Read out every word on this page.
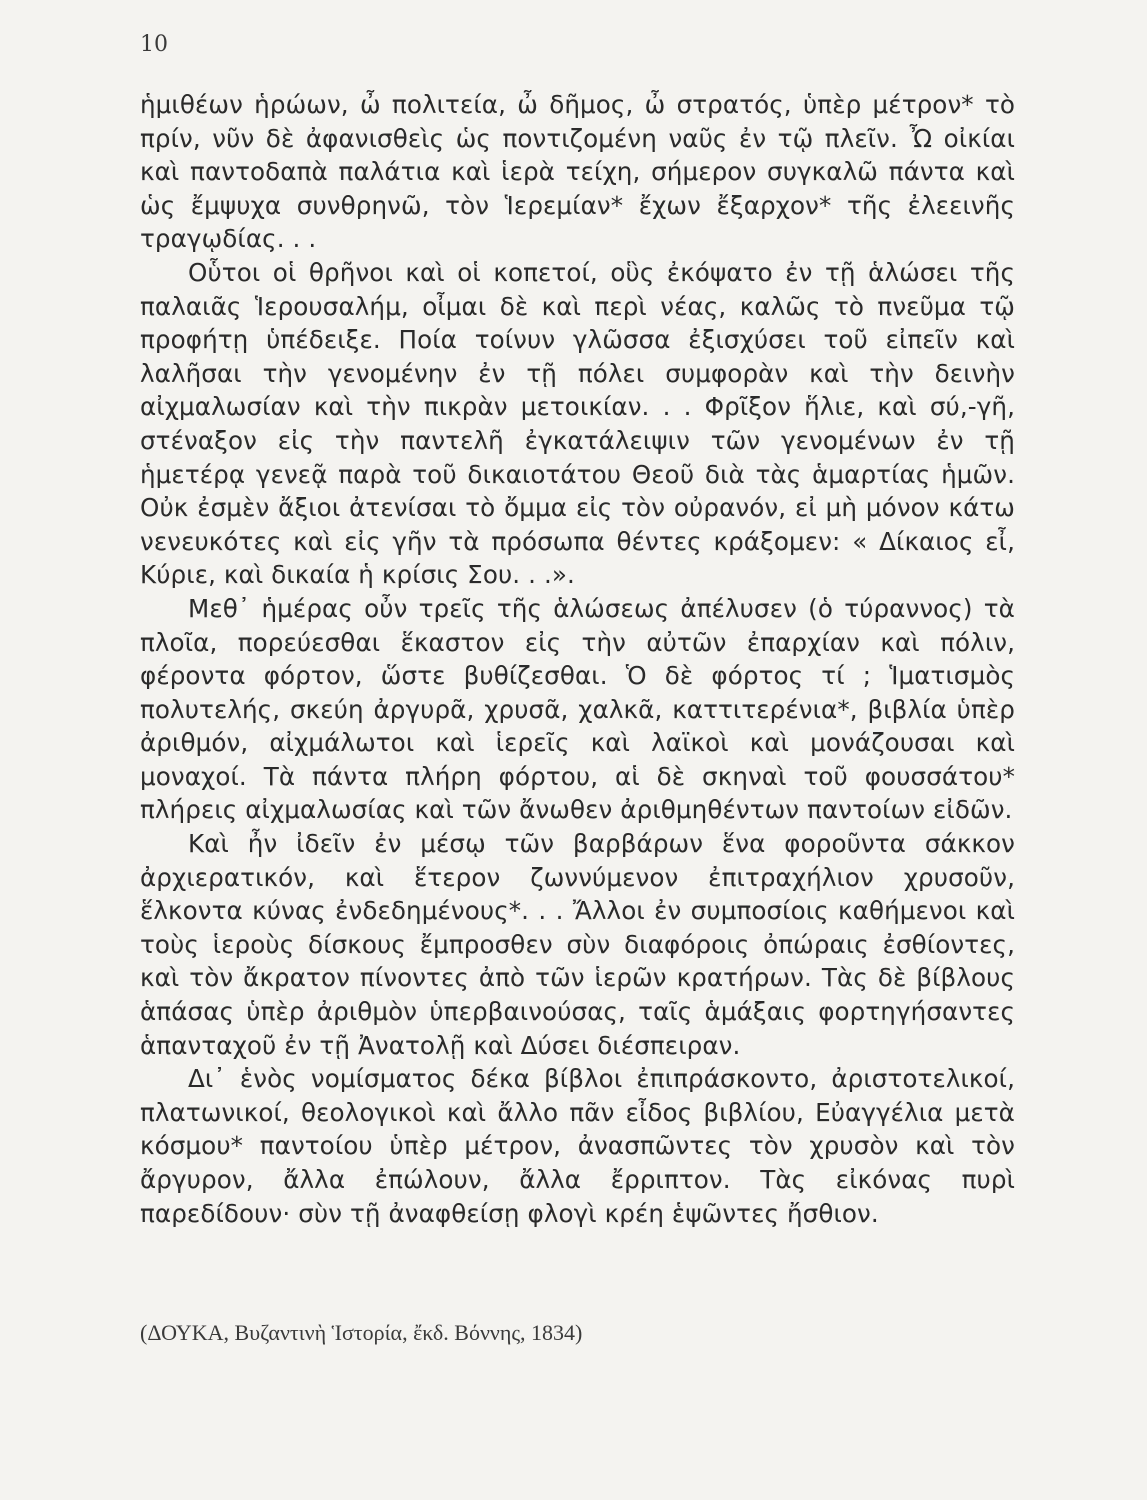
10

ἡμιθέων ἡρώων, ὦ πολιτεία, ὦ δῆμος, ὦ στρατός, ὑπὲρ μέτρον* τὸ πρίν, νῦν δὲ ἀφανισθεὶς ὡς ποντιζομένη ναῦς ἐν τῷ πλεῖν. Ὦ οἰκίαι καὶ παντοδαπὰ παλάτια καὶ ἱερὰ τείχη, σήμερον συγκαλῶ πάντα καὶ ὡς ἔμψυχα συνθρηνῶ, τὸν Ἱερεμίαν* ἔχων ἔξαρχον* τῆς ἐλεεινῆς τραγῳδίας. . .

Οὗτοι οἱ θρῆνοι καὶ οἱ κοπετοί, οὓς ἐκόψατο ἐν τῇ ἁλώσει τῆς παλαιᾶς Ἱερουσαλήμ, οἶμαι δὲ καὶ περὶ νέας, καλῶς τὸ πνεῦμα τῷ προφήτῃ ὑπέδειξε. Ποία τοίνυν γλῶσσα ἐξισχύσει τοῦ εἰπεῖν καὶ λαλῆσαι τὴν γενομένην ἐν τῇ πόλει συμφορὰν καὶ τὴν δεινὴν αἰχμαλωσίαν καὶ τὴν πικρὰν μετοικίαν. . . Φρῖξον ἥλιε, καὶ σύ,-γῆ, στέναξον εἰς τὴν παντελῆ ἐγκατάλειψιν τῶν γενομένων ἐν τῇ ἡμετέρᾳ γενεᾷ παρὰ τοῦ δικαιοτάτου Θεοῦ διὰ τὰς ἁμαρτίας ἡμῶν. Οὐκ ἐσμὲν ἄξιοι ἀτενίσαι τὸ ὄμμα εἰς τὸν οὐρανόν, εἰ μὴ μόνον κάτω νενευκότες καὶ εἰς γῆν τὰ πρόσωπα θέντες κράξομεν: « Δίκαιος εἶ, Κύριε, καὶ δικαία ἡ κρίσις Σου. . .».

Μεθ᾽ ἡμέρας οὖν τρεῖς τῆς ἁλώσεως ἀπέλυσεν (ὁ τύραννος) τὰ πλοῖα, πορεύεσθαι ἕκαστον εἰς τὴν αὐτῶν ἐπαρχίαν καὶ πόλιν, φέροντα φόρτον, ὥστε βυθίζεσθαι. Ὁ δὲ φόρτος τί ; Ἱματισμὸς πολυτελής, σκεύη ἀργυρᾶ, χρυσᾶ, χαλκᾶ, καττιτερένια*, βιβλία ὑπὲρ ἀριθμόν, αἰχμάλωτοι καὶ ἱερεῖς καὶ λαϊκοὶ καὶ μονάζουσαι καὶ μοναχοί. Τὰ πάντα πλήρη φόρτου, αἱ δὲ σκηναὶ τοῦ φουσσάτου* πλήρεις αἰχμαλωσίας καὶ τῶν ἄνωθεν ἀριθμηθέντων παντοίων εἰδῶν.

Καὶ ἦν ἰδεῖν ἐν μέσῳ τῶν βαρβάρων ἕνα φοροῦντα σάκκον ἀρχιερατικόν, καὶ ἕτερον ζωννύμενον ἐπιτραχήλιον χρυσοῦν, ἕλκοντα κύνας ἐνδεδημένους*. . . Ἄλλοι ἐν συμποσίοις καθήμενοι καὶ τοὺς ἱεροὺς δίσκους ἔμπροσθεν σὺν διαφόροις ὀπώραις ἐσθίοντες, καὶ τὸν ἄκρατον πίνοντες ἀπὸ τῶν ἱερῶν κρατήρων. Τὰς δὲ βίβλους ἁπάσας ὑπὲρ ἀριθμὸν ὑπερβαινούσας, ταῖς ἁμάξαις φορτηγήσαντες ἁπανταχοῦ ἐν τῇ Ἀνατολῇ καὶ Δύσει διέσπειραν.

Δι᾽ ἑνὸς νομίσματος δέκα βίβλοι ἐπιπράσκοντο, ἀριστοτελικοί, πλατωνικοί, θεολογικοὶ καὶ ἄλλο πᾶν εἶδος βιβλίου, Εὐαγγέλια μετὰ κόσμου* παντοίου ὑπὲρ μέτρον, ἀνασπῶντες τὸν χρυσὸν καὶ τὸν ἄργυρον, ἄλλα ἐπώλουν, ἄλλα ἔρριπτον. Τὰς εἰκόνας πυρὶ παρεδίδουν· σὺν τῇ ἀναφθείσῃ φλογὶ κρέη ἑψῶντες ἤσθιον.

(ΔΟΥΚΑ, Βυζαντινὴ Ἱστορία, ἔκδ. Βόννης, 1834)
